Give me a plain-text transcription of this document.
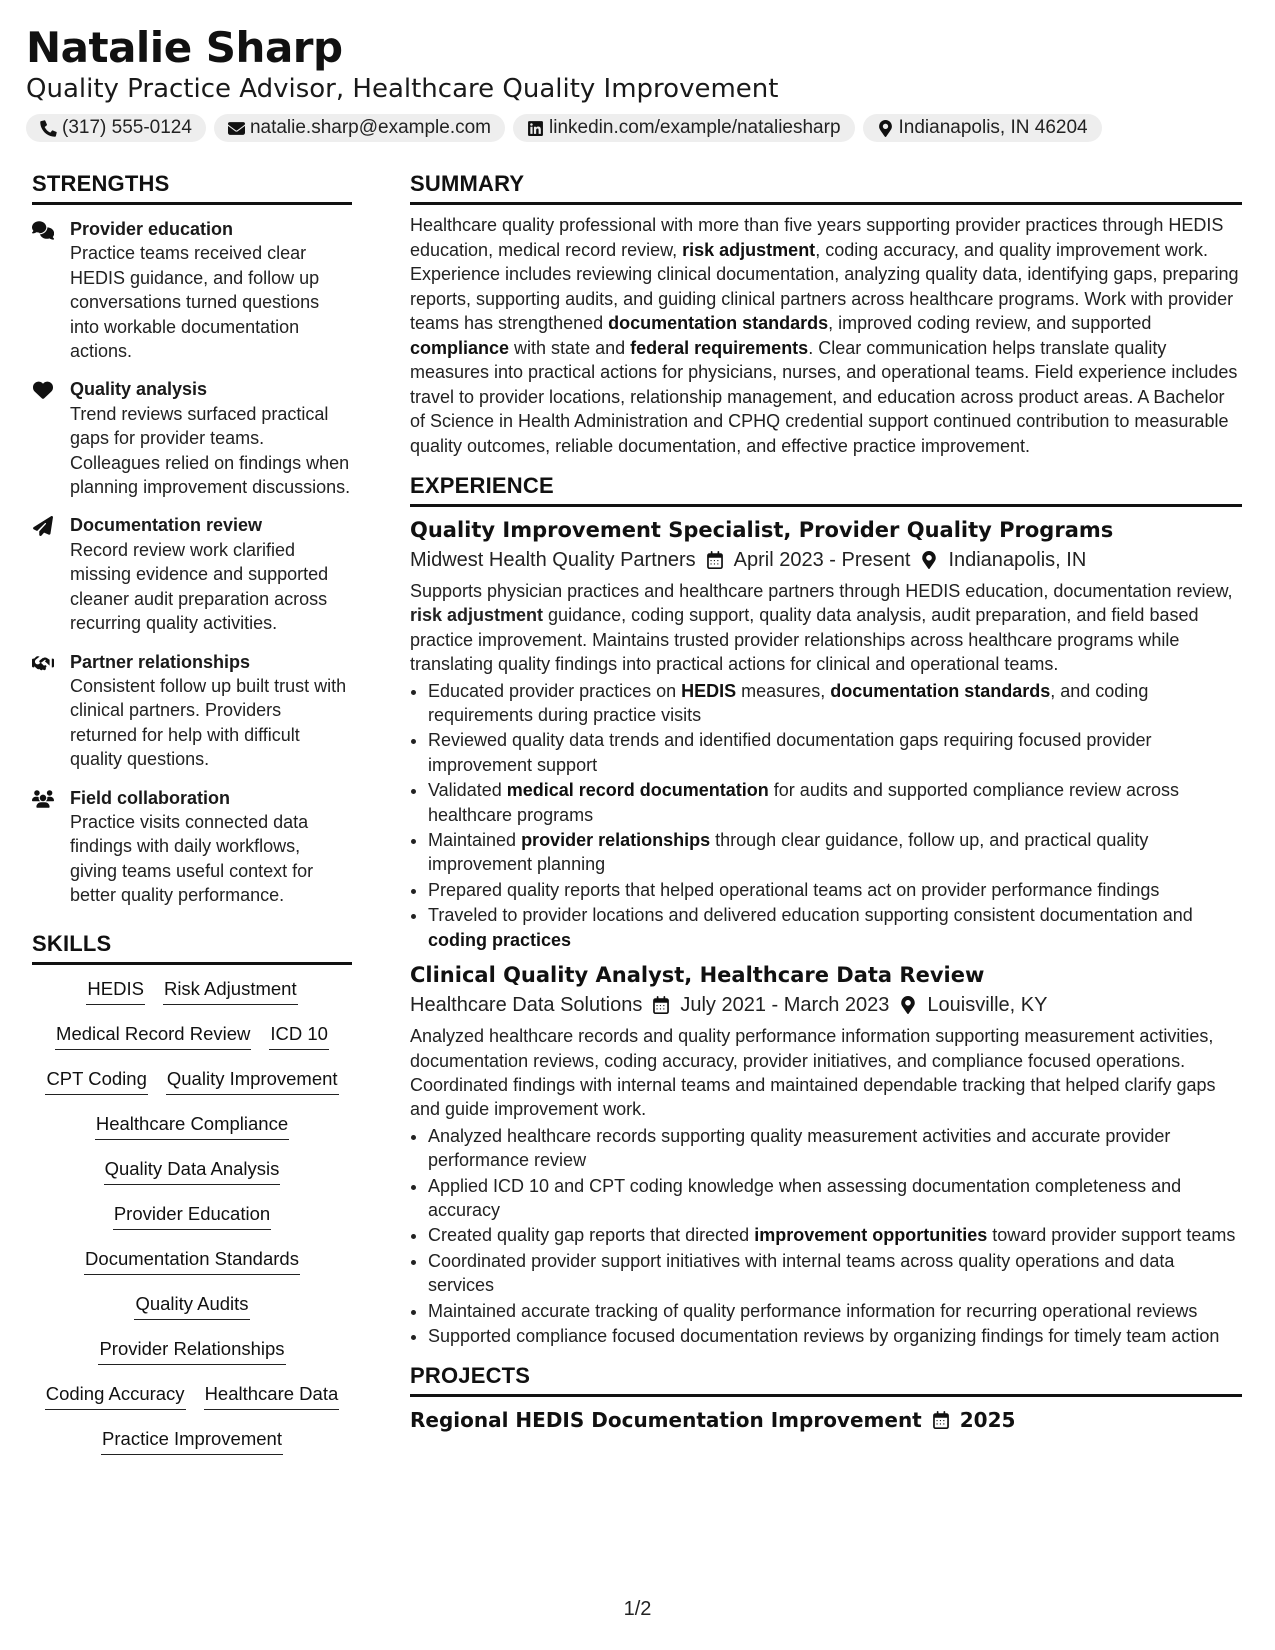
Natalie Sharp
Quality Practice Advisor, Healthcare Quality Improvement
(317) 555-0124	natalie.sharp@example.com	linkedin.com/example/nataliesharp	Indianapolis, IN 46204
STRENGTHS
Provider education
Practice teams received clear HEDIS guidance, and follow up conversations turned questions into workable documentation actions.
Quality analysis
Trend reviews surfaced practical gaps for provider teams. Colleagues relied on findings when planning improvement discussions.
Documentation review
Record review work clarified missing evidence and supported cleaner audit preparation across recurring quality activities.
Partner relationships
Consistent follow up built trust with clinical partners. Providers returned for help with difficult quality questions.
Field collaboration
Practice visits connected data findings with daily workflows, giving teams useful context for better quality performance.
SKILLS
HEDIS Risk Adjustment
Medical Record Review ICD 10
CPT Coding Quality Improvement
Healthcare Compliance
Quality Data Analysis
Provider Education
Documentation Standards
Quality Audits
Provider Relationships
Coding Accuracy Healthcare Data
Practice Improvement
SUMMARY
Healthcare quality professional with more than five years supporting provider practices through HEDIS education, medical record review, risk adjustment, coding accuracy, and quality improvement work. Experience includes reviewing clinical documentation, analyzing quality data, identifying gaps, preparing reports, supporting audits, and guiding clinical partners across healthcare programs. Work with provider teams has strengthened documentation standards, improved coding review, and supported compliance with state and federal requirements. Clear communication helps translate quality measures into practical actions for physicians, nurses, and operational teams. Field experience includes travel to provider locations, relationship management, and education across product areas. A Bachelor of Science in Health Administration and CPHQ credential support continued contribution to measurable quality outcomes, reliable documentation, and effective practice improvement.
EXPERIENCE
Quality Improvement Specialist, Provider Quality Programs
Midwest Health Quality Partners April 2023 - Present Indianapolis, IN
Supports physician practices and healthcare partners through HEDIS education, documentation review, risk adjustment guidance, coding support, quality data analysis, audit preparation, and field based practice improvement. Maintains trusted provider relationships across healthcare programs while translating quality findings into practical actions for clinical and operational teams.
• Educated provider practices on HEDIS measures, documentation standards, and coding requirements during practice visits
• Reviewed quality data trends and identified documentation gaps requiring focused provider improvement support
• Validated medical record documentation for audits and supported compliance review across healthcare programs
• Maintained provider relationships through clear guidance, follow up, and practical quality improvement planning
• Prepared quality reports that helped operational teams act on provider performance findings
• Traveled to provider locations and delivered education supporting consistent documentation and coding practices
Clinical Quality Analyst, Healthcare Data Review
Healthcare Data Solutions July 2021 - March 2023 Louisville, KY
Analyzed healthcare records and quality performance information supporting measurement activities, documentation reviews, coding accuracy, provider initiatives, and compliance focused operations. Coordinated findings with internal teams and maintained dependable tracking that helped clarify gaps and guide improvement work.
• Analyzed healthcare records supporting quality measurement activities and accurate provider performance review
• Applied ICD 10 and CPT coding knowledge when assessing documentation completeness and accuracy
• Created quality gap reports that directed improvement opportunities toward provider support teams
• Coordinated provider support initiatives with internal teams across quality operations and data services
• Maintained accurate tracking of quality performance information for recurring operational reviews
• Supported compliance focused documentation reviews by organizing findings for timely team action
PROJECTS
Regional HEDIS Documentation Improvement 2025
1/2
